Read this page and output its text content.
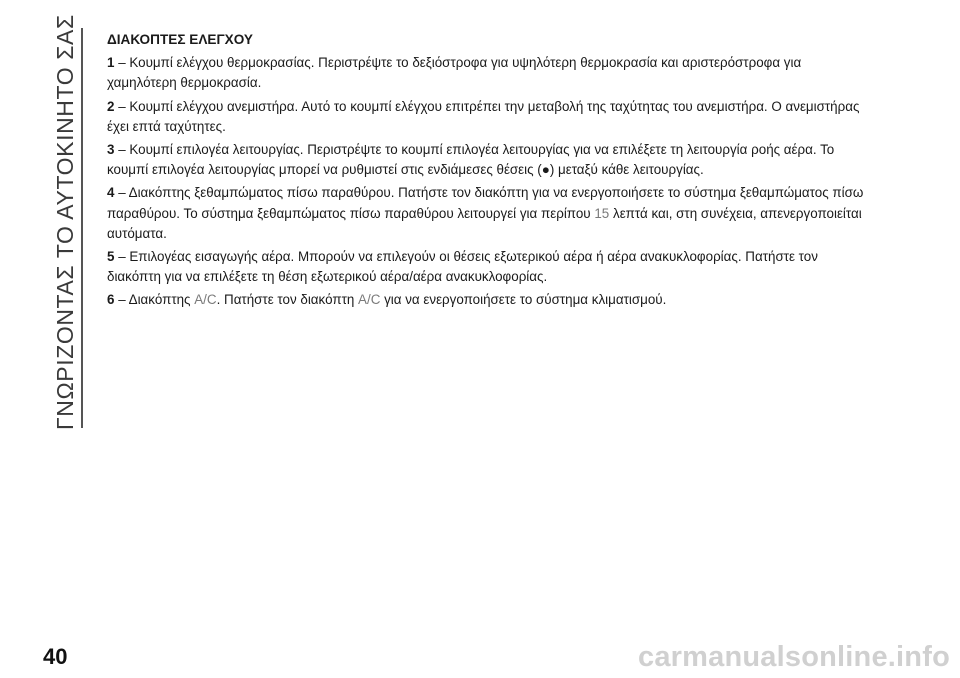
ΓΝΩΡΙΖΟΝΤΑΣ ΤΟ ΑΥΤΟΚΙΝΗΤΟ ΣΑΣ ΔΙΑΚΟΠΤΕΣ ΕΛΕΓΧΟΥ
1 – Κουμπί ελέγχου θερμοκρασίας. Περιστρέψτε το δεξιόστροφα για υψηλότερη θερμοκρασία και αριστερόστροφα για χαμηλότερη θερμοκρασία.
2 – Κουμπί ελέγχου ανεμιστήρα. Αυτό το κουμπί ελέγχου επιτρέπει την μεταβολή της ταχύτητας του ανεμιστήρα. Ο ανεμιστήρας έχει επτά ταχύτητες.
3 – Κουμπί επιλογέα λειτουργίας. Περιστρέψτε το κουμπί επιλογέα λειτουργίας για να επιλέξετε τη λειτουργία ροής αέρα. Το κουμπί επιλογέα λειτουργίας μπορεί να ρυθμιστεί στις ενδιάμεσες θέσεις (●) μεταξύ κάθε λειτουργίας.
4 – Διακόπτης ξεθαμπώματος πίσω παραθύρου. Πατήστε τον διακόπτη για να ενεργοποιήσετε το σύστημα ξεθαμπώματος πίσω παραθύρου. Το σύστημα ξεθαμπώματος πίσω παραθύρου λειτουργεί για περίπου 15 λεπτά και, στη συνέχεια, απενεργοποιείται αυτόματα.
5 – Επιλογέας εισαγωγής αέρα. Μπορούν να επιλεγούν οι θέσεις εξωτερικού αέρα ή αέρα ανακυκλοφορίας. Πατήστε τον διακόπτη για να επιλέξετε τη θέση εξωτερικού αέρα/αέρα ανακυκλοφορίας.
6 – Διακόπτης A/C. Πατήστε τον διακόπτη A/C για να ενεργοποιήσετε το σύστημα κλιματισμού.
40	carmanualsonline.info
